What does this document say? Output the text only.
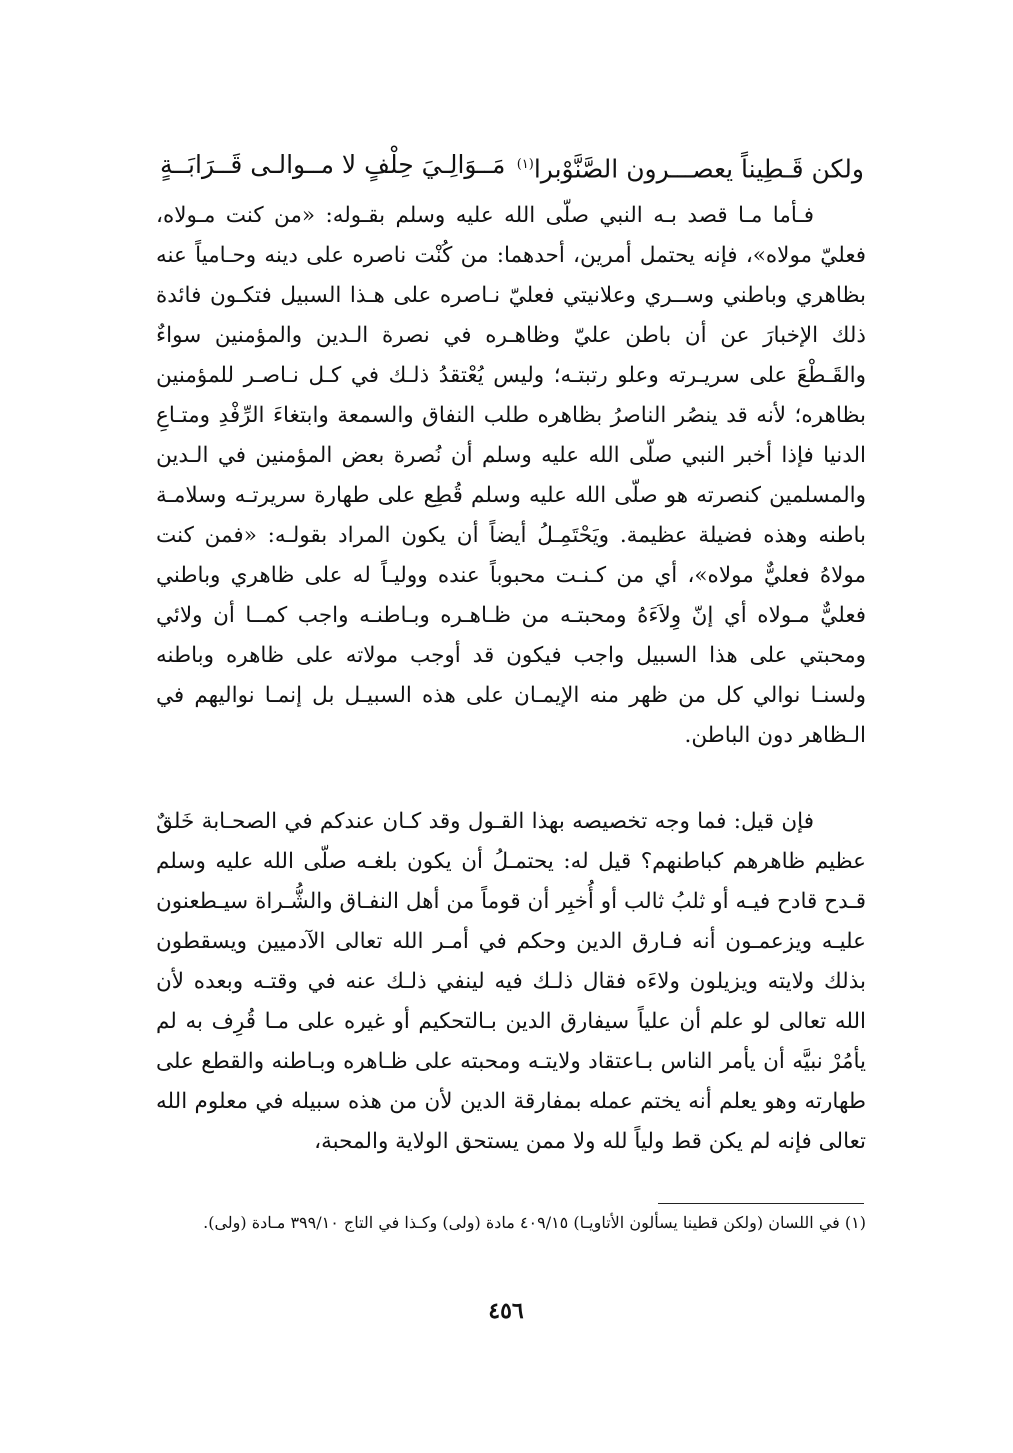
ولكن قَـطِيناً يعصـــرون الصَّنَّوْبرا$^{(١)}$
مَــوَالِـيَ حِلْفٍ لا مــوالـى قَــرَابَــةٍ

فـأما مـا قصد بـه النبي صلّى الله عليه وسلم بقـوله: «من كنت مـولاه، فعليّ مولاه»، فإنه يحتمل أمرين، أحدهما: من كُنْت ناصره على دينه وحـامياً عنه بظاهري وباطني وســري وعلانيتي فعليّ نـاصره على هـذا السبيل فتكـون فائدة ذلك الإخبارَ عن أن باطن عليّ وظاهـره في نصرة الـدين والمؤمنين سواءٌ والقَـطْعَ على سريـرته وعلو رتبتـه؛ وليس يُعْتقدُ ذلـك في كـل نـاصـر للمؤمنين بظاهره؛ لأنه قد ينصُر الناصرُ بظاهره طلب النفاق والسمعة وابتغاءَ الرِّفْدِ ومتـاعِ الدنيا فإذا أخبر النبي صلّى الله عليه وسلم أن نُصرة بعض المؤمنين في الـدين والمسلمين كنصرته هو صلّى الله عليه وسلم قُطِع على طهارة سريرتـه وسلامـة باطنه وهذه فضيلة عظيمة. ويَحْتَمِـلُ أيضاً أن يكون المراد بقولـه: «فمن كنت مولاهُ فعليٌّ مولاه»، أي من كـنـت محبوباً عنده ووليـاً له على ظاهري وباطني فعليٌّ مـولاه أي إنّ وِلاَءَهُ ومحبتـه من ظـاهـره وبـاطنـه واجب كمــا أن ولائي ومحبتي على هذا السبيل واجب فيكون قد أوجب مولاته على ظاهره وباطنه ولسنـا نوالي كل من ظهر منه الإيمـان على هذه السبيـل بل إنمـا نواليهم في الـظاهر دون الباطن.

فإن قيل: فما وجه تخصيصه بهذا القـول وقد كـان عندكم في الصحـابة خَلقٌ عظيم ظاهرهم كباطنهم؟ قيل له: يحتمـلُ أن يكون بلغـه صلّى الله عليه وسلم قـدح قادح فيـه أو ثلبُ ثالب أو أُخبِر أن قوماً من أهل النفـاق والشُّـراة سيـطعنون عليـه ويزعمـون أنه فـارق الدين وحكم في أمـر الله تعالى الآدميين ويسقطون بذلك ولايته ويزيلون ولاءَه فقال ذلـك فيه لينفي ذلـك عنه في وقتـه وبعده لأن الله تعالى لو علم أن علياً سيفارق الدين بـالتحكيم أو غيره على مـا قُرِف به لم يأمُرْ نبيَّه أن يأمر الناس بـاعتقاد ولايتـه ومحبته على ظـاهره وبـاطنه والقطع على طهارته وهو يعلم أنه يختم عمله بمفارقة الدين لأن من هذه سبيله في معلوم الله تعالى فإنه لم يكن قط ولياً لله ولا ممن يستحق الولاية والمحبة،

(١) في اللسان (ولكن قطينا يسألون الأتاويـا) ٤٠٩/١٥ مادة (ولى) وكـذا في التاج ٣٩٩/١٠ مـادة (ولى).

٤٥٦
